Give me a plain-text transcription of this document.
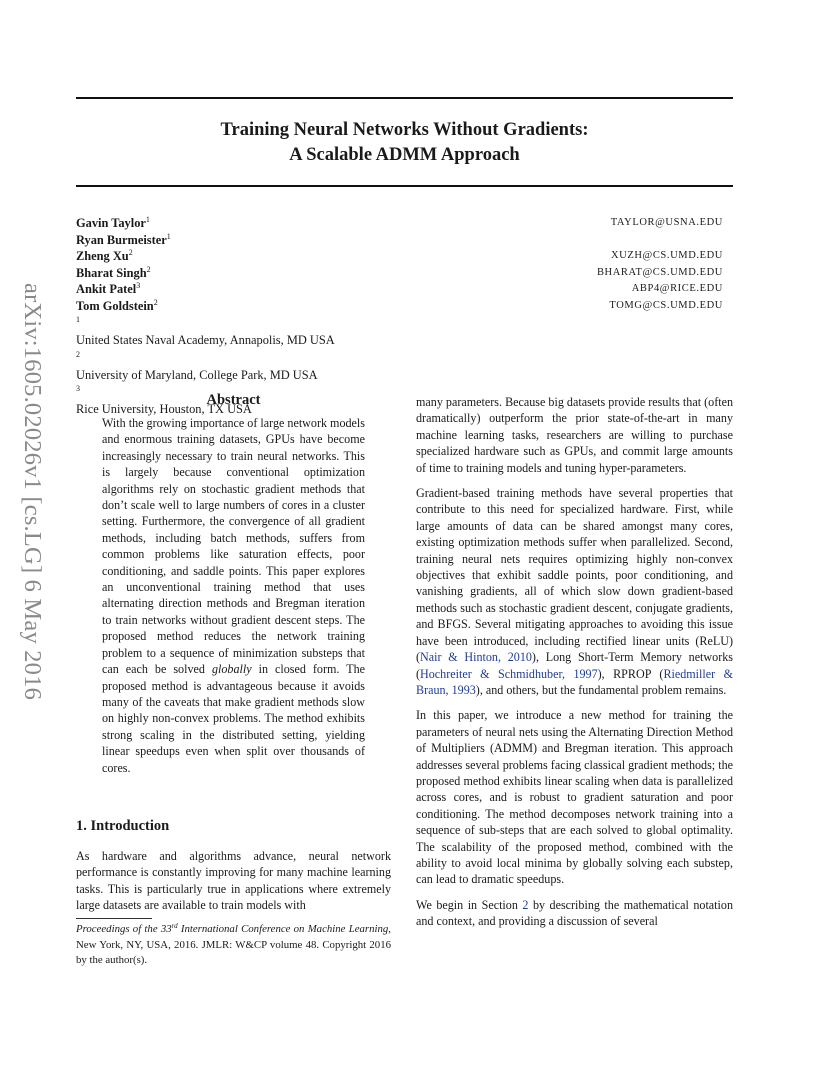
arXiv:1605.02026v1 [cs.LG] 6 May 2016
Training Neural Networks Without Gradients:
A Scalable ADMM Approach
Gavin Taylor$^1$
Ryan Burmeister$^1$
Zheng Xu$^2$
Bharat Singh$^2$
Ankit Patel$^3$
Tom Goldstein$^2$
TAYLOR@USNA.EDU
XUZH@CS.UMD.EDU
BHARAT@CS.UMD.EDU
ABP4@RICE.EDU
TOMG@CS.UMD.EDU
$^1$
United States Naval Academy, Annapolis, MD USA
$^2$
University of Maryland, College Park, MD USA
$^3$
Rice University, Houston, TX USA
Abstract
With the growing importance of large network models and enormous training datasets, GPUs have become increasingly necessary to train neural networks. This is largely because conventional optimization algorithms rely on stochastic gradient methods that don’t scale well to large numbers of cores in a cluster setting. Furthermore, the convergence of all gradient methods, including batch methods, suffers from common problems like saturation effects, poor conditioning, and saddle points. This paper explores an unconventional training method that uses alternating direction methods and Bregman iteration to train networks without gradient descent steps. The proposed method reduces the network training problem to a sequence of minimization substeps that can each be solved globally in closed form. The proposed method is advantageous because it avoids many of the caveats that make gradient methods slow on highly non-convex problems. The method exhibits strong scaling in the distributed setting, yielding linear speedups even when split over thousands of cores.
1. Introduction
As hardware and algorithms advance, neural network performance is constantly improving for many machine learning tasks. This is particularly true in applications where extremely large datasets are available to train models with
Proceedings of the 33rd International Conference on Machine Learning, New York, NY, USA, 2016. JMLR: W&CP volume 48. Copyright 2016 by the author(s).

many parameters. Because big datasets provide results that (often dramatically) outperform the prior state-of-the-art in many machine learning tasks, researchers are willing to purchase specialized hardware such as GPUs, and commit large amounts of time to training models and tuning hyper-parameters.

Gradient-based training methods have several properties that contribute to this need for specialized hardware. First, while large amounts of data can be shared amongst many cores, existing optimization methods suffer when parallelized. Second, training neural nets requires optimizing highly non-convex objectives that exhibit saddle points, poor conditioning, and vanishing gradients, all of which slow down gradient-based methods such as stochastic gradient descent, conjugate gradients, and BFGS. Several mitigating approaches to avoiding this issue have been introduced, including rectified linear units (ReLU) (Nair & Hinton, 2010), Long Short-Term Memory networks (Hochreiter & Schmidhuber, 1997), RPROP (Riedmiller & Braun, 1993), and others, but the fundamental problem remains.

In this paper, we introduce a new method for training the parameters of neural nets using the Alternating Direction Method of Multipliers (ADMM) and Bregman iteration. This approach addresses several problems facing classical gradient methods; the proposed method exhibits linear scaling when data is parallelized across cores, and is robust to gradient saturation and poor conditioning. The method decomposes network training into a sequence of sub-steps that are each solved to global optimality. The scalability of the proposed method, combined with the ability to avoid local minima by globally solving each substep, can lead to dramatic speedups.

We begin in Section 2 by describing the mathematical notation and context, and providing a discussion of several
